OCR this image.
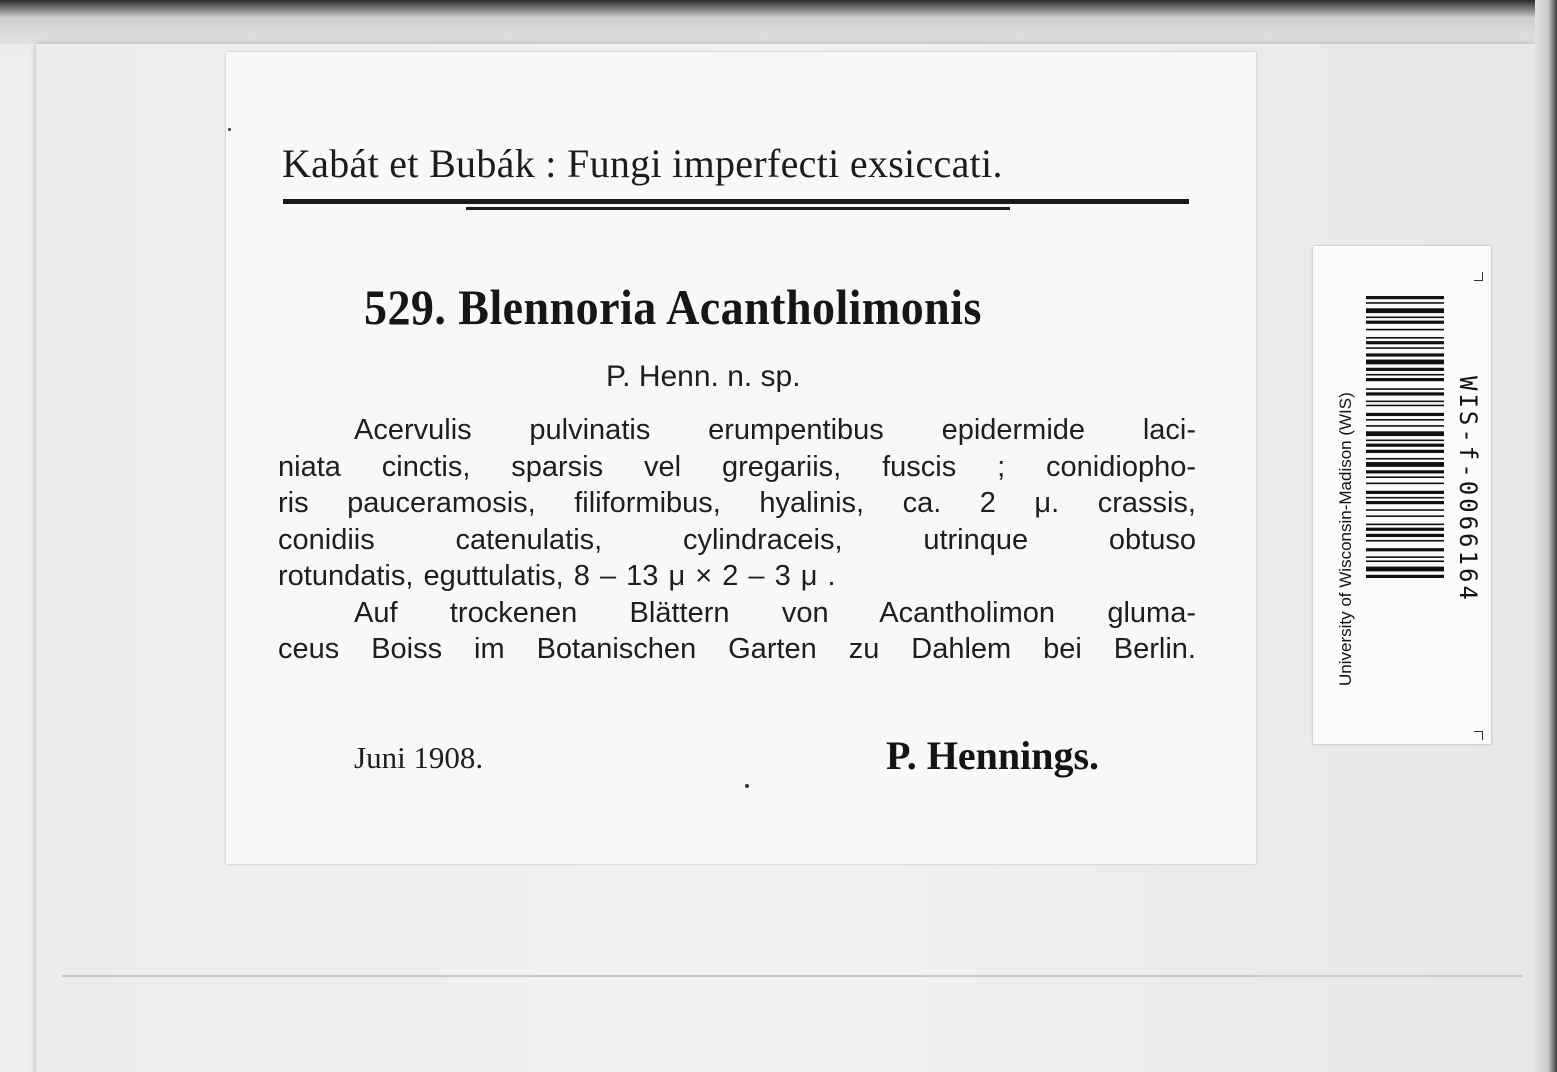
Kabát et Bubák : Fungi imperfecti exsiccati.
529. Blennoria Acantholimonis

P. Henn. n. sp.

Acervulis pulvinatis erumpentibus epidermide laci-
niata cinctis, sparsis vel gregariis, fuscis ; conidiopho-
ris pauceramosis, filiformibus, hyalinis, ca. 2 μ. crassis,
conidiis catenulatis, cylindraceis, utrinque obtuso
rotundatis, eguttulatis, 8 – 13 μ × 2 – 3 μ .
Auf trockenen Blättern von Acantholimon gluma-
ceus Boiss im Botanischen Garten zu Dahlem bei Berlin.

Juni 1908.	P. Hennings.

University of Wisconsin-Madison (WIS)	WIS-f-0066164
